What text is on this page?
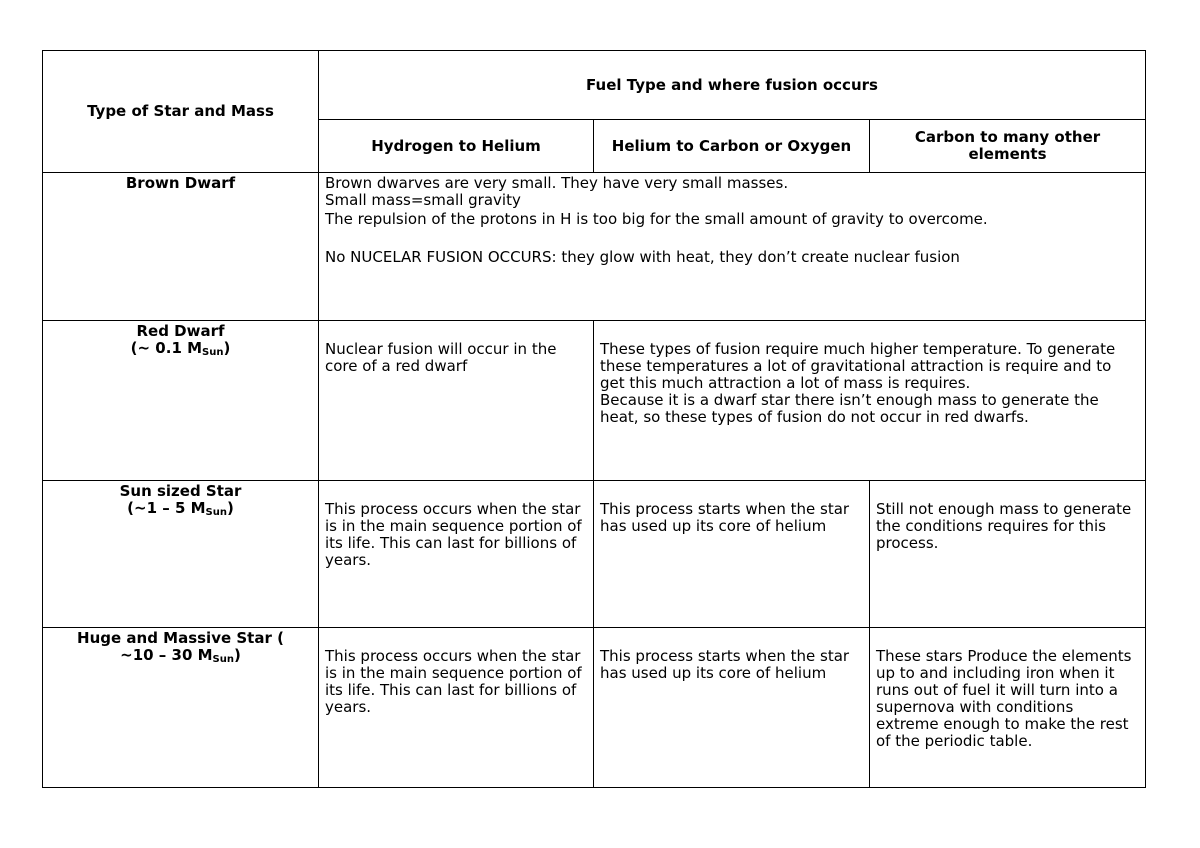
Type of Star and Mass	Fuel Type and where fusion occurs		
	Hydrogen to Helium	Helium to Carbon or Oxygen	Carbon to many other elements
Brown Dwarf	Brown dwarves are very small. They have very small masses.
Small mass=small gravity
The repulsion of the protons in H is too big for the small amount of gravity to overcome.
No NUCELAR FUSION OCCURS: they glow with heat, they don’t create nuclear fusion		

Red Dwarf
(~ 0.1 $M_{Sun}$)	Nuclear fusion will occur in the core of a red dwarf	These types of fusion require much higher temperature. To generate these temperatures a lot of gravitational attraction is require and to get this much attraction a lot of mass is requires.
Because it is a dwarf star there isn’t enough mass to generate the heat, so these types of fusion do not occur in red dwarfs.	

Sun sized Star
(~1 – 5 $M_{Sun}$)	This process occurs when the star is in the main sequence portion of its life. This can last for billions of years.	This process starts when the star has used up its core of helium	Still not enough mass to generate the conditions requires for this process.

Huge and Massive Star (
~10 – 30 $M_{Sun}$)	This process occurs when the star is in the main sequence portion of its life. This can last for billions of years.	This process starts when the star has used up its core of helium	These stars Produce the elements up to and including iron when it runs out of fuel it will turn into a supernova with conditions extreme enough to make the rest of the periodic table.
